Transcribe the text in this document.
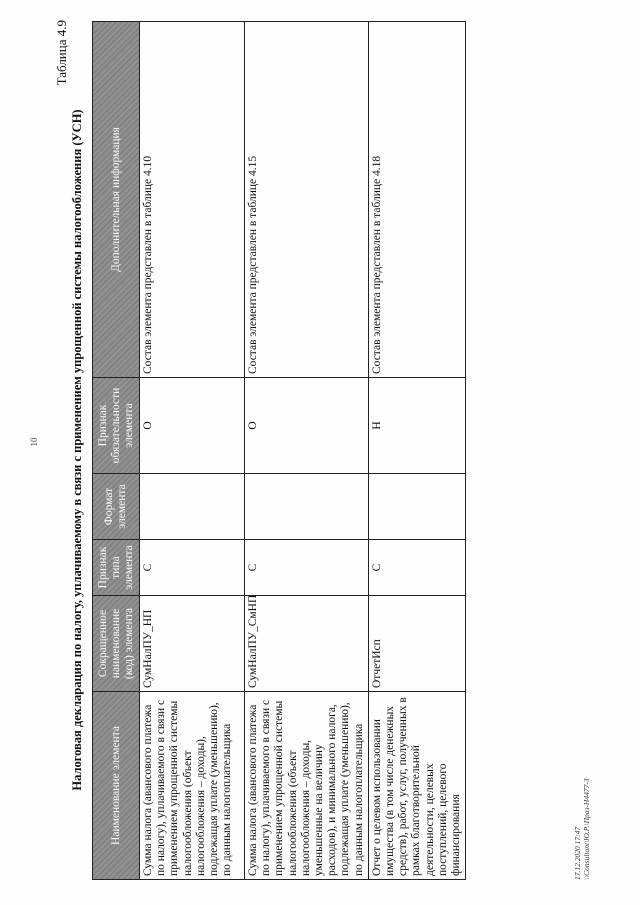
10
Таблица 4.9
Налоговая декларация по налогу, уплачиваемому в связи с применением упрощенной системы налогообложения (УСН) Наименование элемента	Сокращенное наименование (код) элемента	Признак типа элемента	Формат элемента	Признак обязательности элемента	Дополнительная информация
Сумма налога (авансового платежа по налогу), уплачиваемого в связи с применением упрощенной системы налогообложения (объект налогообложения – доходы), подлежащая уплате (уменьшению), по данным налогоплательщика	СумНалПУ_НП	С		О	Состав элемента представлен в таблице 4.10
Сумма налога (авансового платежа по налогу), уплачиваемого в связи с применением упрощенной системы налогообложения (объект налогообложения – доходы, уменьшенные на величину расходов), и минимального налога, подлежащая уплате (уменьшению), по данным налогоплательщика	СумНалПУ_СмНП	С		О	Состав элемента представлен в таблице 4.15
Отчет о целевом использовании имущества (в том числе денежных средств), работ, услуг, полученных в рамках благотворительной деятельности, целевых поступлений, целевого финансирования	ОтчетИсп	С		Н	Состав элемента представлен в таблице 4.18
17.12.2020 17:47 \\Consultant\Ю.Р.\Праз-Н4477-3
